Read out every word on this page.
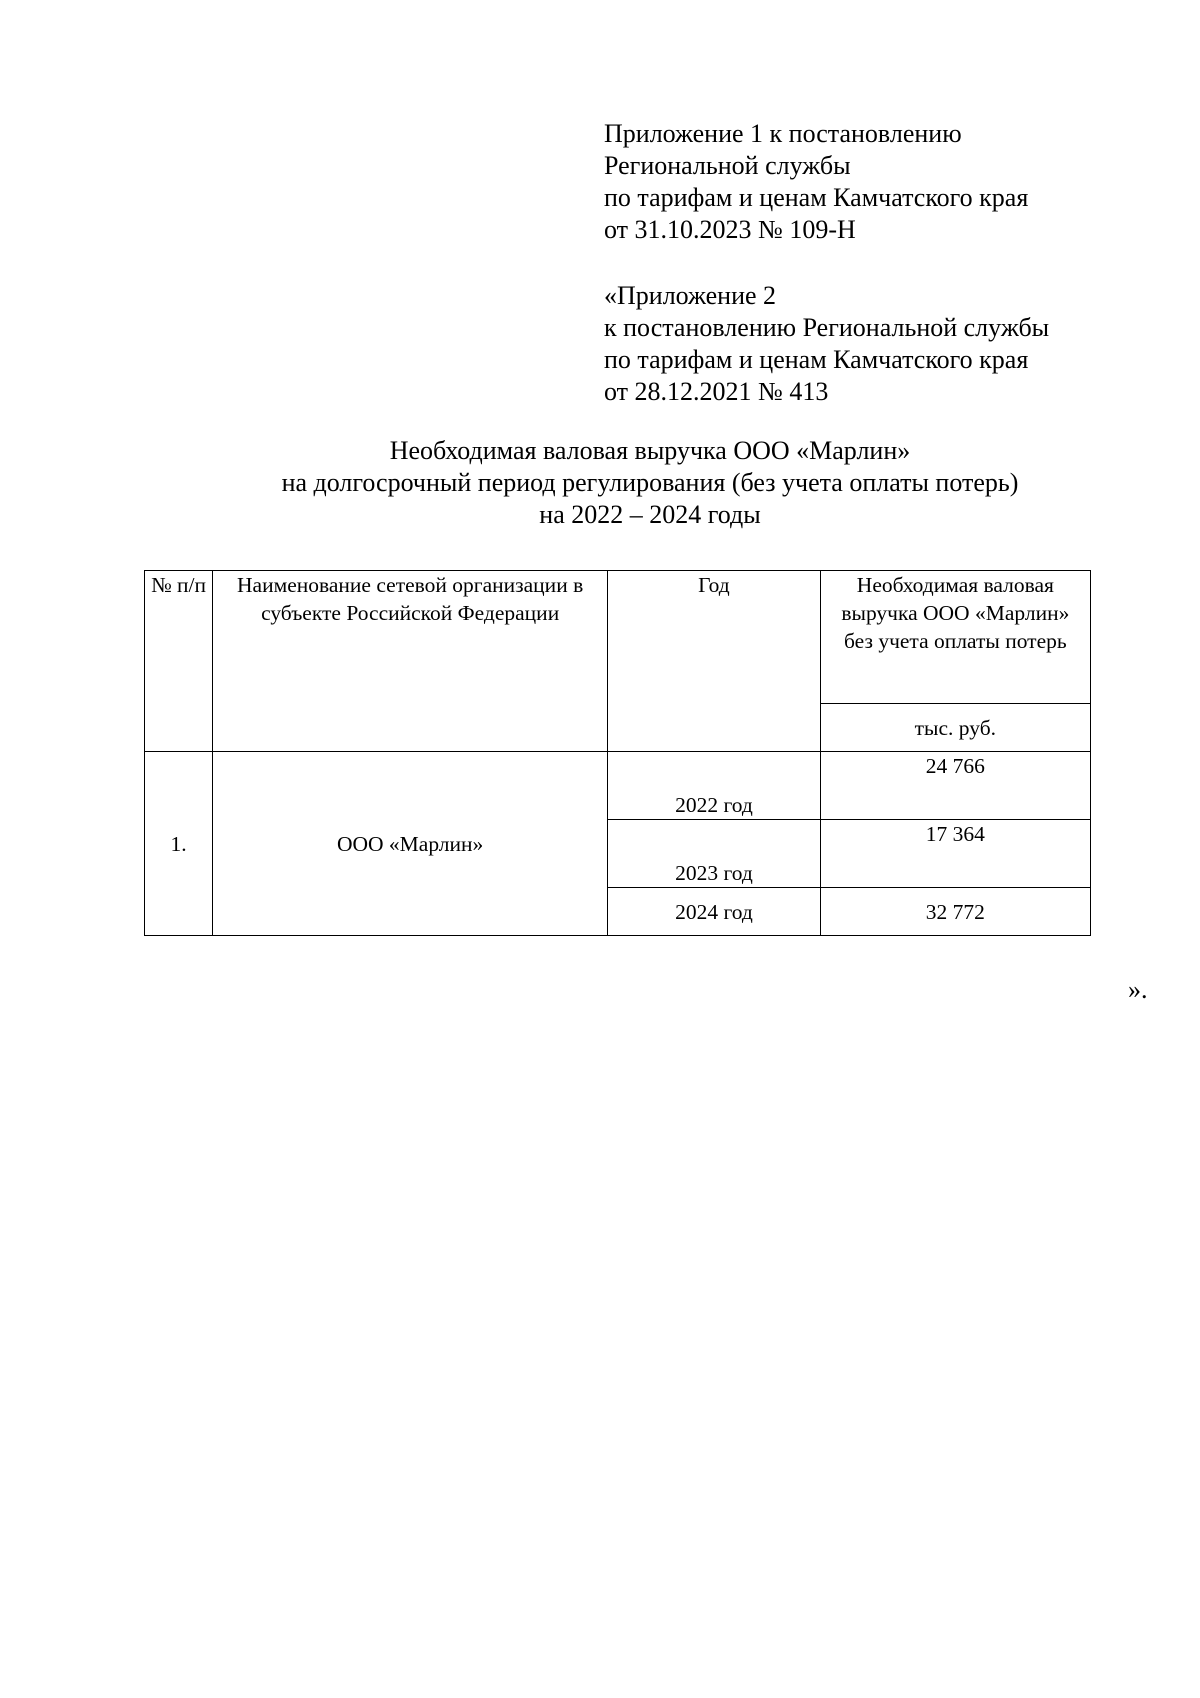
Приложение 1 к постановлению
Региональной службы
по тарифам и ценам Камчатского края
от 31.10.2023 № 109-Н
«Приложение 2
к постановлению Региональной службы
по тарифам и ценам Камчатского края
от 28.12.2021 № 413
Необходимая валовая выручка ООО «Марлин»
на долгосрочный период регулирования (без учета оплаты потерь)
на 2022 – 2024 годы
№ п/п	Наименование сетевой организации в субъекте Российской Федерации	Год	Необходимая валовая выручка ООО «Марлин» без учета оплаты потерь
			тыс. руб.
1.	ООО «Марлин»	2022 год	24 766
		2023 год	17 364
		2024 год	32 772
».
